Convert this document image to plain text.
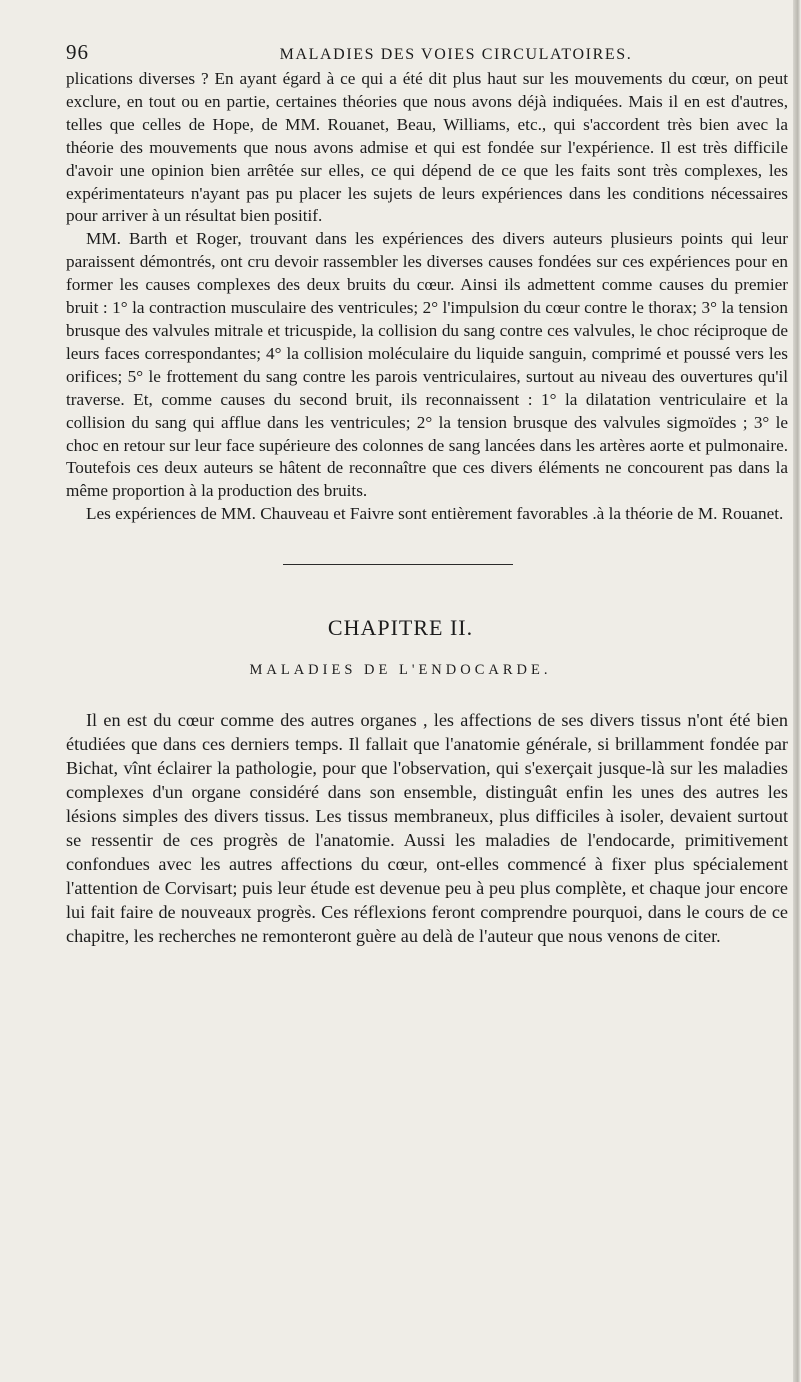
96	MALADIES DES VOIES CIRCULATOIRES.

plications diverses ? En ayant égard à ce qui a été dit plus haut sur les mouvements du cœur, on peut exclure, en tout ou en partie, certaines théories que nous avons déjà indiquées. Mais il en est d'autres, telles que celles de Hope, de MM. Rouanet, Beau, Williams, etc., qui s'accordent très bien avec la théorie des mouvements que nous avons admise et qui est fondée sur l'expérience. Il est très difficile d'avoir une opinion bien arrêtée sur elles, ce qui dépend de ce que les faits sont très complexes, les expérimentateurs n'ayant pas pu placer les sujets de leurs expériences dans les conditions nécessaires pour arriver à un résultat bien positif.

MM. Barth et Roger, trouvant dans les expériences des divers auteurs plusieurs points qui leur paraissent démontrés, ont cru devoir rassembler les diverses causes fondées sur ces expériences pour en former les causes complexes des deux bruits du cœur. Ainsi ils admettent comme causes du premier bruit : 1° la contraction musculaire des ventricules; 2° l'impulsion du cœur contre le thorax; 3° la tension brusque des valvules mitrale et tricuspide, la collision du sang contre ces valvules, le choc réciproque de leurs faces correspondantes; 4° la collision moléculaire du liquide sanguin, comprimé et poussé vers les orifices; 5° le frottement du sang contre les parois ventriculaires, surtout au niveau des ouvertures qu'il traverse. Et, comme causes du second bruit, ils reconnaissent : 1° la dilatation ventriculaire et la collision du sang qui afflue dans les ventricules; 2° la tension brusque des valvules sigmoïdes ; 3° le choc en retour sur leur face supérieure des colonnes de sang lancées dans les artères aorte et pulmonaire. Toutefois ces deux auteurs se hâtent de reconnaître que ces divers éléments ne concourent pas dans la même proportion à la production des bruits.

Les expériences de MM. Chauveau et Faivre sont entièrement favorables .à la théorie de M. Rouanet.

CHAPITRE II.
MALADIES DE L'ENDOCARDE.

Il en est du cœur comme des autres organes , les affections de ses divers tissus n'ont été bien étudiées que dans ces derniers temps. Il fallait que l'anatomie générale, si brillamment fondée par Bichat, vînt éclairer la pathologie, pour que l'observation, qui s'exerçait jusque-là sur les maladies complexes d'un organe considéré dans son ensemble, distinguât enfin les unes des autres les lésions simples des divers tissus. Les tissus membraneux, plus difficiles à isoler, devaient surtout se ressentir de ces progrès de l'anatomie. Aussi les maladies de l'endocarde, primitivement confondues avec les autres affections du cœur, ont-elles commencé à fixer plus spécialement l'attention de Corvisart; puis leur étude est devenue peu à peu plus complète, et chaque jour encore lui fait faire de nouveaux progrès. Ces réflexions feront comprendre pourquoi, dans le cours de ce chapitre, les recherches ne remonteront guère au delà de l'auteur que nous venons de citer.
